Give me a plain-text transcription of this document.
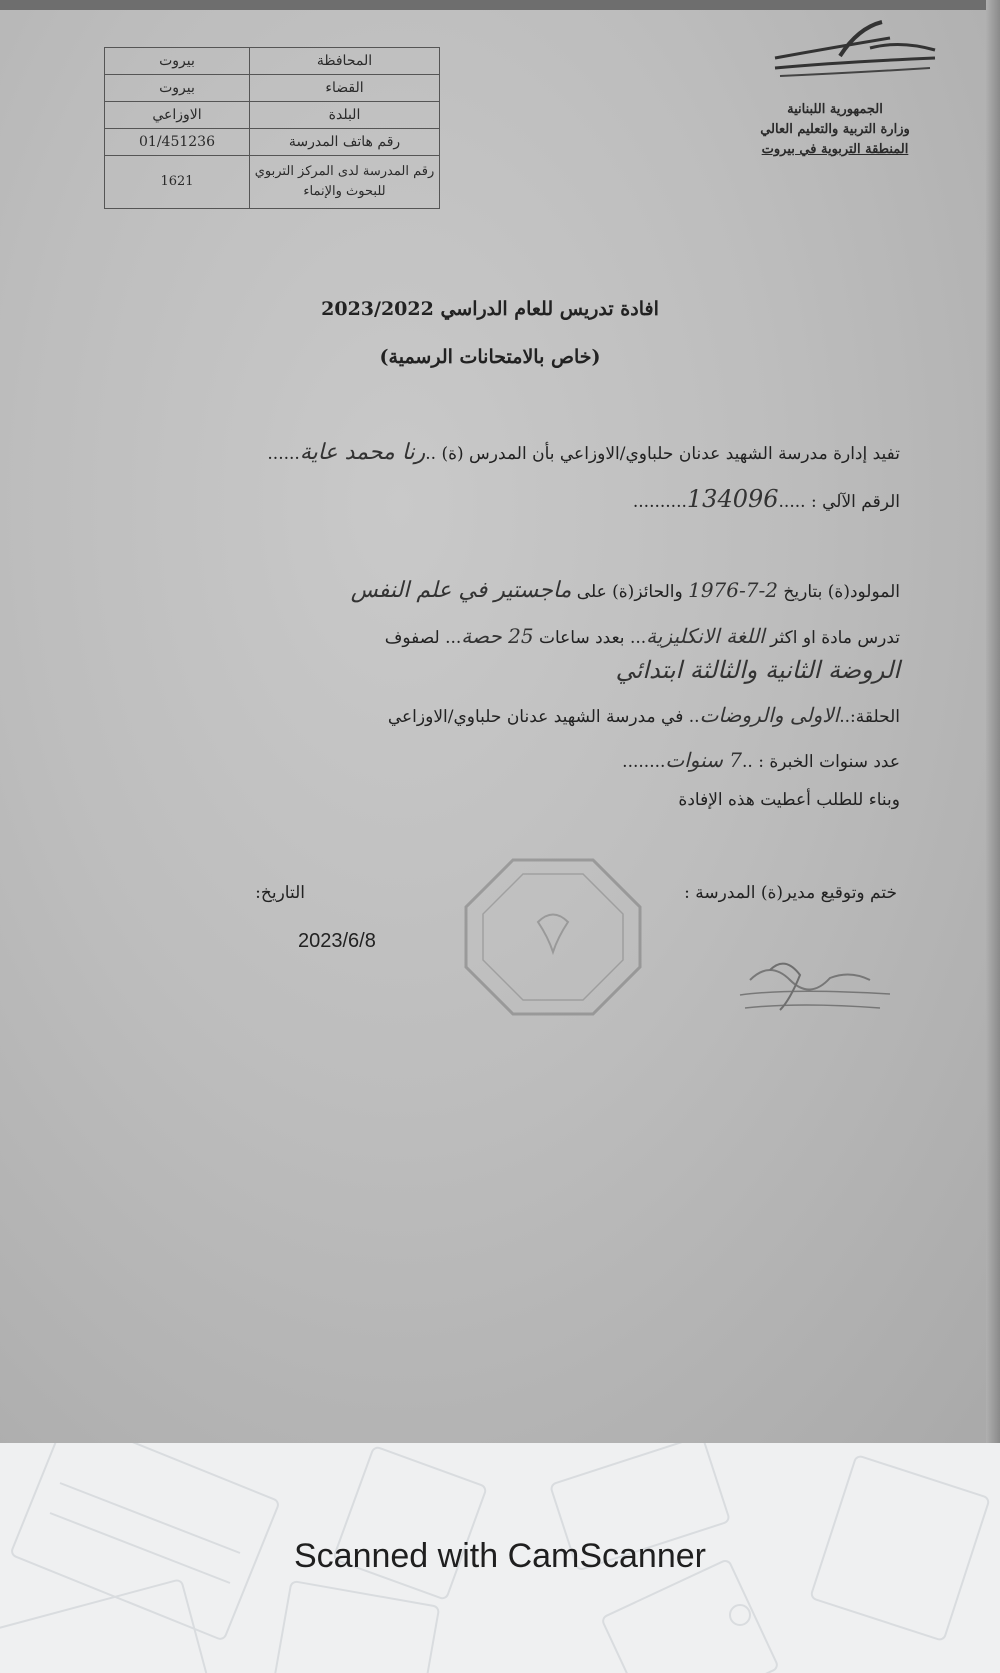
الجمهورية اللبنانية
وزارة التربية والتعليم العالي
المنطقة التربوية في بيروت
بيروت	المحافظة
بيروت	القضاء
الاوزاعي	البلدة
01/451236	رقم هاتف المدرسة
1621	رقم المدرسة لدى المركز التربوي للبحوث والإنماء
افادة تدريس للعام الدراسي 2023/2022
(خاص بالامتحانات الرسمية)
تفيد إدارة مدرسة الشهيد عدنان حلباوي/الاوزاعي بأن المدرس (ة) ..رنا محمد عاية......
الرقم الآلي : .....134096..........
المولود(ة) بتاريخ 2-7-1976 والحائز(ة) على ماجستير في علم النفس
تدرس مادة او اكثر اللغة الانكليزية... بعدد ساعات 25 حصة... لصفوف
الروضة الثانية والثالثة ابتدائي
الحلقة:..الاولى والروضات.. في مدرسة الشهيد عدنان حلباوي/الاوزاعي
عدد سنوات الخبرة : ..7 سنوات........
وبناء للطلب أعطيت هذه الإفادة
ختم وتوقيع مدير(ة) المدرسة :
التاريخ:
2023/6/8
Scanned with CamScanner
